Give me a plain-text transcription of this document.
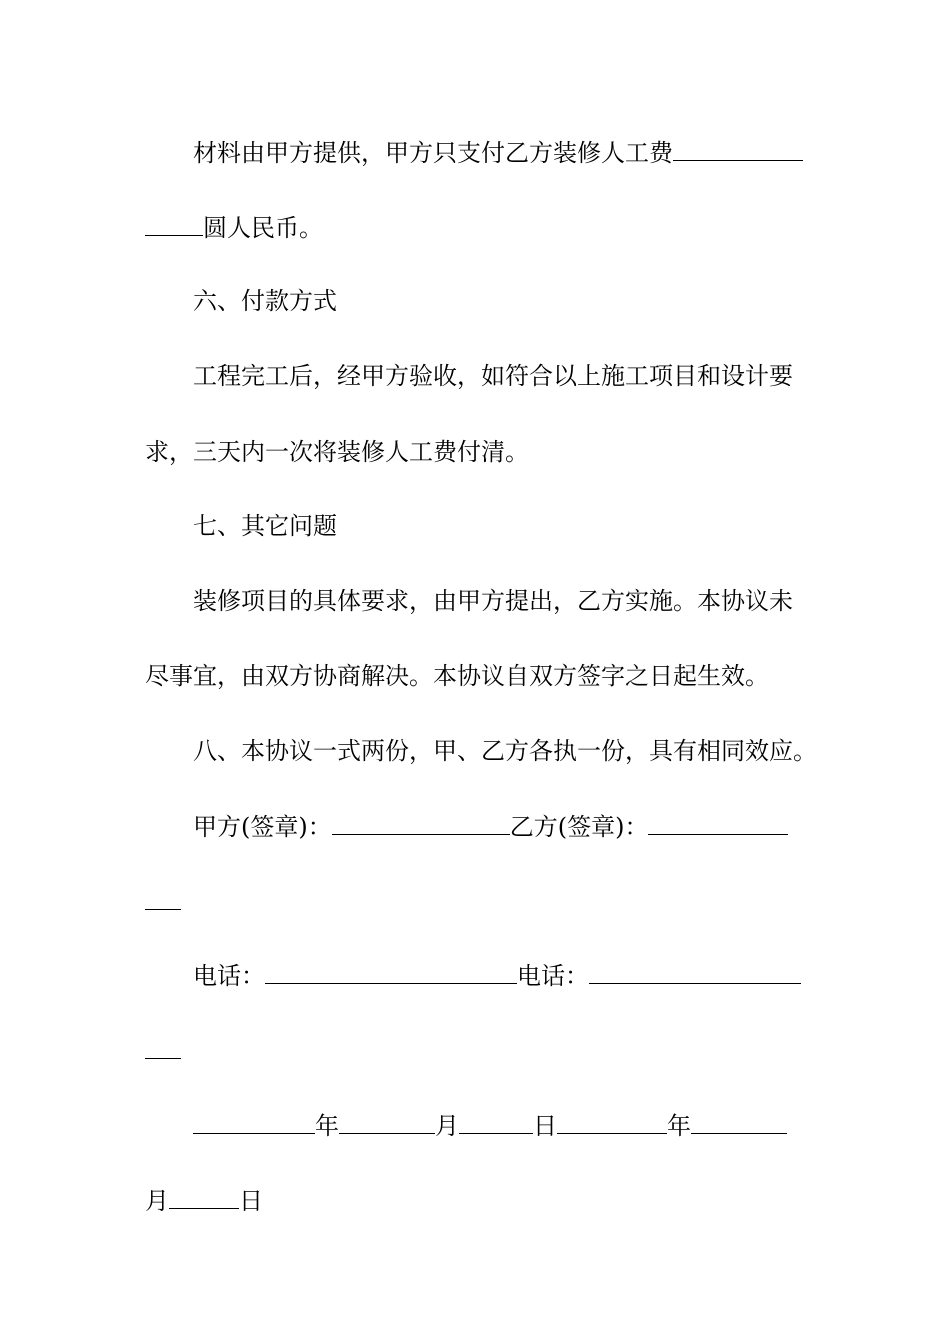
材料由甲方提供，甲方只支付乙方装修人工费
圆人民币。
六、付款方式
工程完工后，经甲方验收，如符合以上施工项目和设计要
求，三天内一次将装修人工费付清。
七、其它问题
装修项目的具体要求，由甲方提出，乙方实施。本协议未
尽事宜，由双方协商解决。本协议自双方签字之日起生效。
八、本协议一式两份，甲、乙方各执一份，具有相同效应。
甲方(签章)：	乙方(签章)：
电话：	电话：
年	月	日	年
月	日
